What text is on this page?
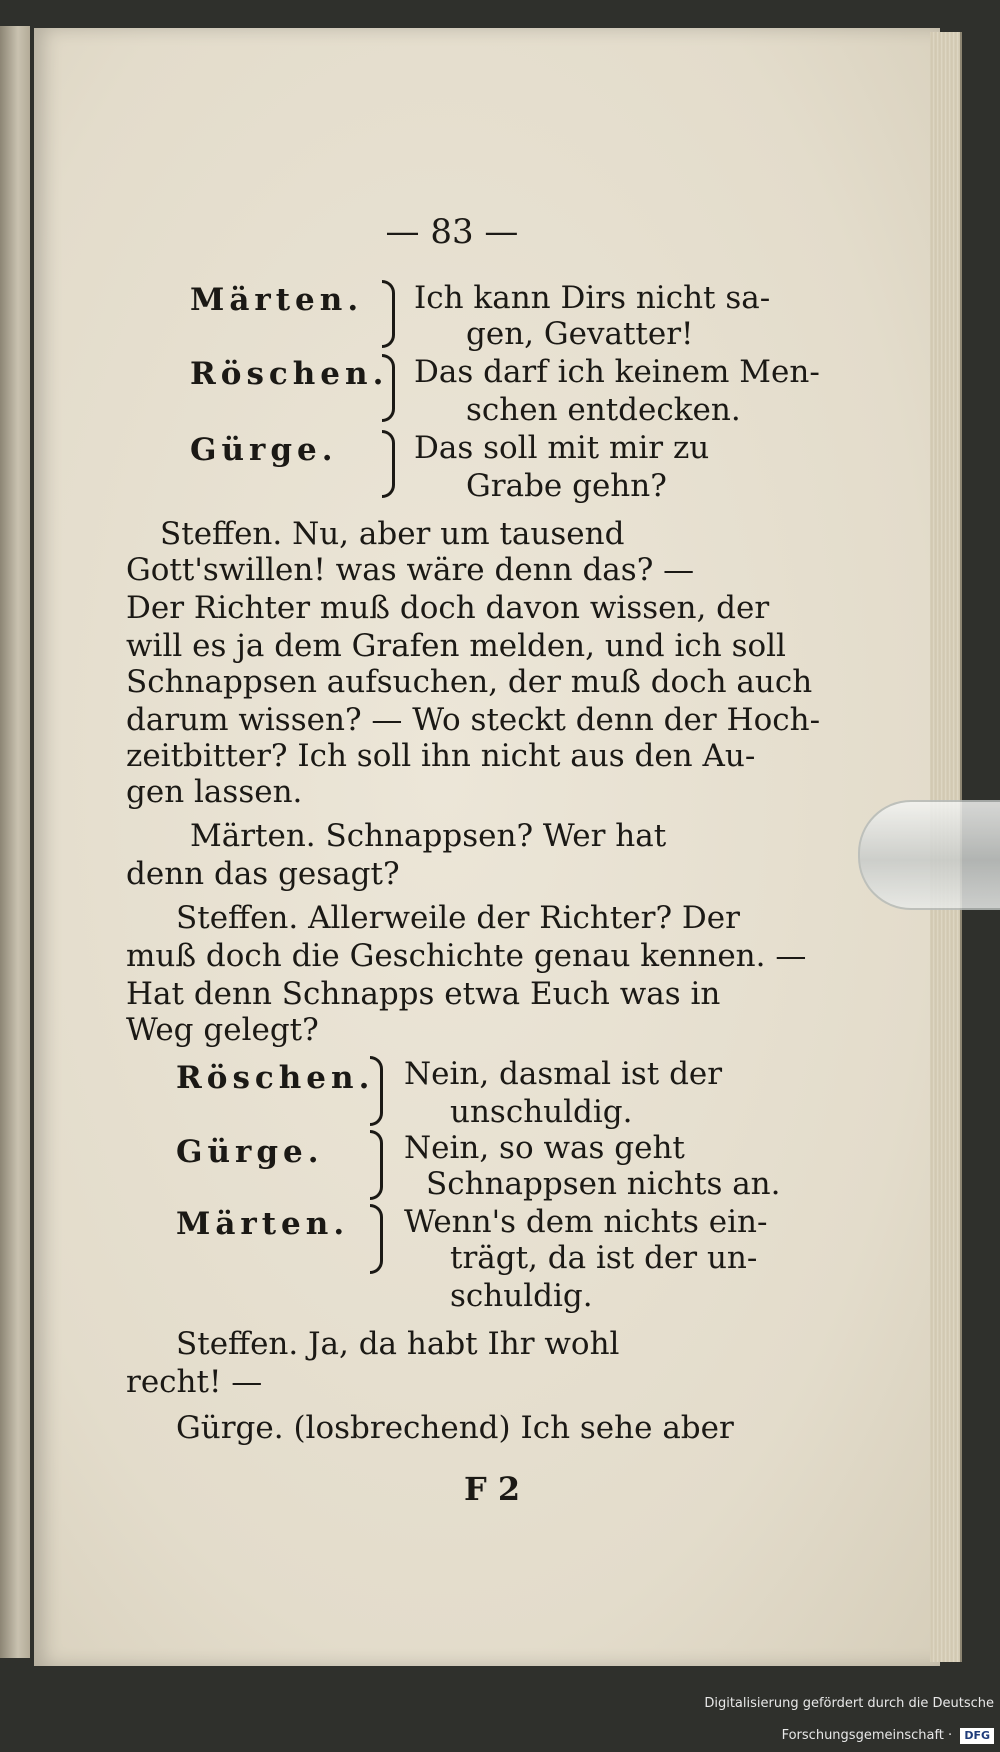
— 83 —
Märten. Ich kann Dirs nicht sa-
gen, Gevatter!
Röschen. Das darf ich keinem Men-
schen entdecken.
Gürge. Das soll mit mir zu
Grabe gehn?
Steffen. Nu, aber um tausend
Gott'swillen! was wäre denn das? —
Der Richter muß doch davon wissen, der
will es ja dem Grafen melden, und ich soll
Schnappsen aufsuchen, der muß doch auch
darum wissen? — Wo steckt denn der Hoch-
zeitbitter? Ich soll ihn nicht aus den Au-
gen lassen.
Märten. Schnappsen? Wer hat
denn das gesagt?
Steffen. Allerweile der Richter? Der
muß doch die Geschichte genau kennen. —
Hat denn Schnapps etwa Euch was in
Weg gelegt?
Röschen. Nein, dasmal ist der
unschuldig.
Gürge.	Nein, so was geht
Schnappsen nichts an.
Märten. Wenn's dem nichts ein-
trägt, da ist der un-
schuldig.
Steffen. Ja, da habt Ihr wohl
recht! —
Gürge. (losbrechend) Ich sehe aber
F 2
Digitalisierung gefördert durch die Deutsche Forschungsgemeinschaft · DFG
